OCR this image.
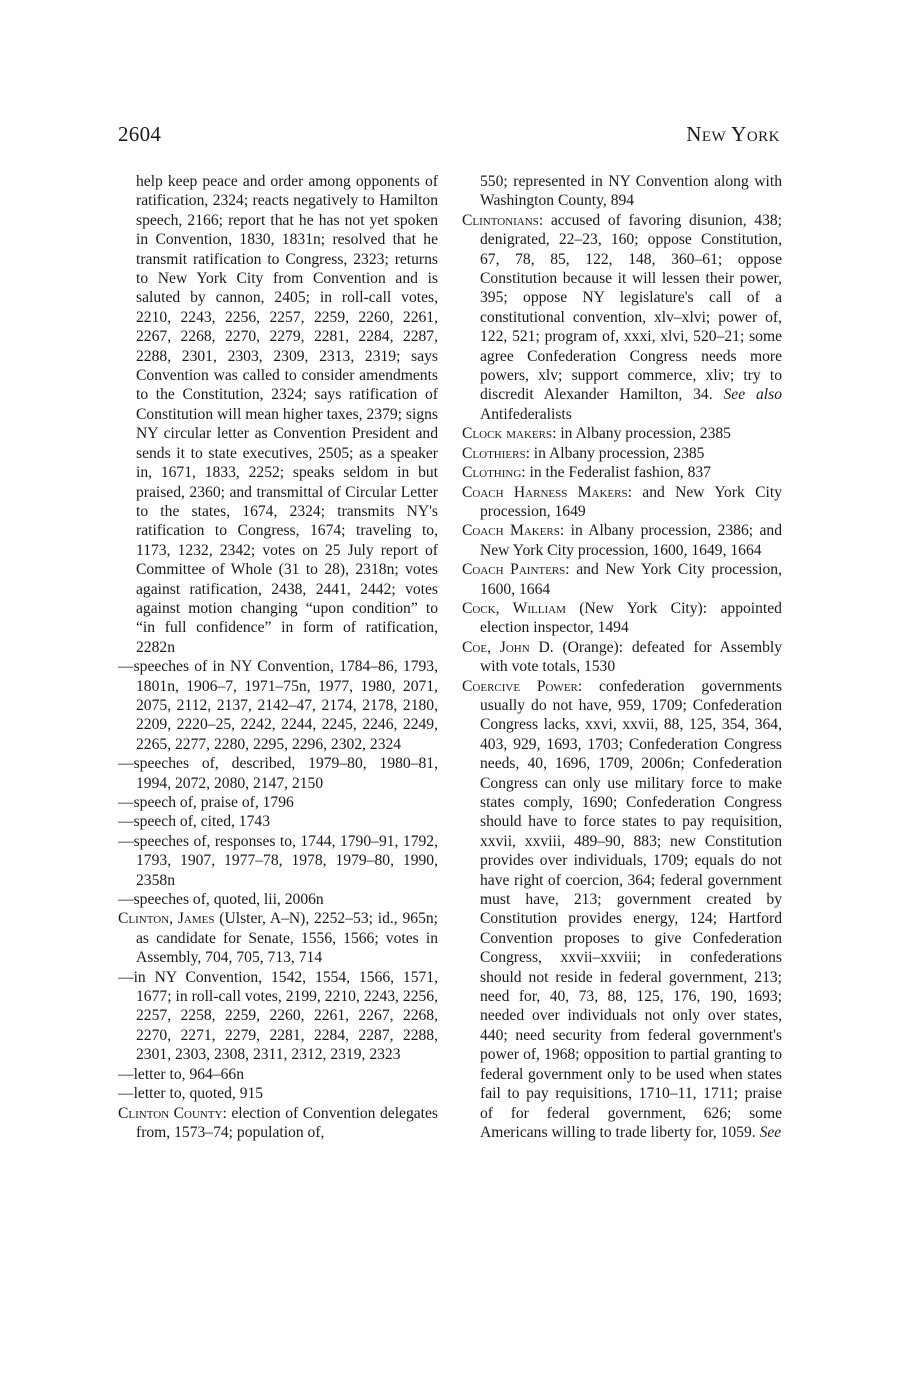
2604	New York

help keep peace and order among opponents of ratification, 2324; reacts negatively to Hamilton speech, 2166; report that he has not yet spoken in Convention, 1830, 1831n; resolved that he transmit ratification to Congress, 2323; returns to New York City from Convention and is saluted by cannon, 2405; in roll-call votes, 2210, 2243, 2256, 2257, 2259, 2260, 2261, 2267, 2268, 2270, 2279, 2281, 2284, 2287, 2288, 2301, 2303, 2309, 2313, 2319; says Convention was called to consider amendments to the Constitution, 2324; says ratification of Constitution will mean higher taxes, 2379; signs NY circular letter as Convention President and sends it to state executives, 2505; as a speaker in, 1671, 1833, 2252; speaks seldom in but praised, 2360; and transmittal of Circular Letter to the states, 1674, 2324; transmits NY's ratification to Congress, 1674; traveling to, 1173, 1232, 2342; votes on 25 July report of Committee of Whole (31 to 28), 2318n; votes against ratification, 2438, 2441, 2442; votes against motion changing “upon condition” to “in full confidence” in form of ratification, 2282n

—speeches of in NY Convention, 1784–86, 1793, 1801n, 1906–7, 1971–75n, 1977, 1980, 2071, 2075, 2112, 2137, 2142–47, 2174, 2178, 2180, 2209, 2220–25, 2242, 2244, 2245, 2246, 2249, 2265, 2277, 2280, 2295, 2296, 2302, 2324

—speeches of, described, 1979–80, 1980–81, 1994, 2072, 2080, 2147, 2150

—speech of, praise of, 1796

—speech of, cited, 1743

—speeches of, responses to, 1744, 1790–91, 1792, 1793, 1907, 1977–78, 1978, 1979–80, 1990, 2358n

—speeches of, quoted, lii, 2006n

Clinton, James (Ulster, A–N), 2252–53; id., 965n; as candidate for Senate, 1556, 1566; votes in Assembly, 704, 705, 713, 714

—in NY Convention, 1542, 1554, 1566, 1571, 1677; in roll-call votes, 2199, 2210, 2243, 2256, 2257, 2258, 2259, 2260, 2261, 2267, 2268, 2270, 2271, 2279, 2281, 2284, 2287, 2288, 2301, 2303, 2308, 2311, 2312, 2319, 2323

—letter to, 964–66n

—letter to, quoted, 915

Clinton County: election of Convention delegates from, 1573–74; population of,

550; represented in NY Convention along with Washington County, 894

Clintonians: accused of favoring disunion, 438; denigrated, 22–23, 160; oppose Constitution, 67, 78, 85, 122, 148, 360–61; oppose Constitution because it will lessen their power, 395; oppose NY legislature's call of a constitutional convention, xlv–xlvi; power of, 122, 521; program of, xxxi, xlvi, 520–21; some agree Confederation Congress needs more powers, xlv; support commerce, xliv; try to discredit Alexander Hamilton, 34. See also Antifederalists

Clock makers: in Albany procession, 2385

Clothiers: in Albany procession, 2385

Clothing: in the Federalist fashion, 837

Coach Harness Makers: and New York City procession, 1649

Coach Makers: in Albany procession, 2386; and New York City procession, 1600, 1649, 1664

Coach Painters: and New York City procession, 1600, 1664

Cock, William (New York City): appointed election inspector, 1494

Coe, John D. (Orange): defeated for Assembly with vote totals, 1530

Coercive Power: confederation governments usually do not have, 959, 1709; Confederation Congress lacks, xxvi, xxvii, 88, 125, 354, 364, 403, 929, 1693, 1703; Confederation Congress needs, 40, 1696, 1709, 2006n; Confederation Congress can only use military force to make states comply, 1690; Confederation Congress should have to force states to pay requisition, xxvii, xxviii, 489–90, 883; new Constitution provides over individuals, 1709; equals do not have right of coercion, 364; federal government must have, 213; government created by Constitution provides energy, 124; Hartford Convention proposes to give Confederation Congress, xxvii–xxviii; in confederations should not reside in federal government, 213; need for, 40, 73, 88, 125, 176, 190, 1693; needed over individuals not only over states, 440; need security from federal government's power of, 1968; opposition to partial granting to federal government only to be used when states fail to pay requisitions, 1710–11, 1711; praise of for federal government, 626; some Americans willing to trade liberty for, 1059. See
